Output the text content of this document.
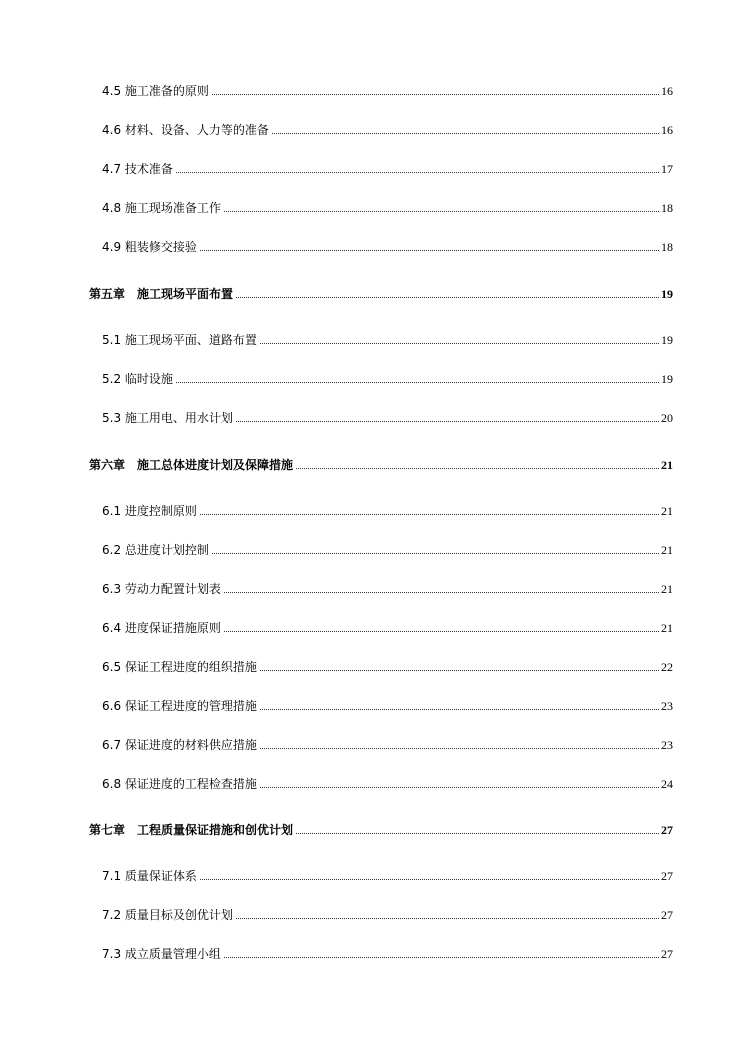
4.5 施工准备的原则	16
4.6 材料、设备、人力等的准备	16
4.7 技术准备	17
4.8 施工现场准备工作	18
4.9 粗装修交接验	18
第五章　施工现场平面布置	19
5.1 施工现场平面、道路布置	19
5.2 临时设施	19
5.3 施工用电、用水计划	20
第六章　施工总体进度计划及保障措施	21
6.1 进度控制原则	21
6.2 总进度计划控制	21
6.3 劳动力配置计划表	21
6.4 进度保证措施原则	21
6.5 保证工程进度的组织措施	22
6.6 保证工程进度的管理措施	23
6.7 保证进度的材料供应措施	23
6.8 保证进度的工程检查措施	24
第七章　工程质量保证措施和创优计划	27
7.1 质量保证体系	27
7.2 质量目标及创优计划	27
7.3 成立质量管理小组	27
